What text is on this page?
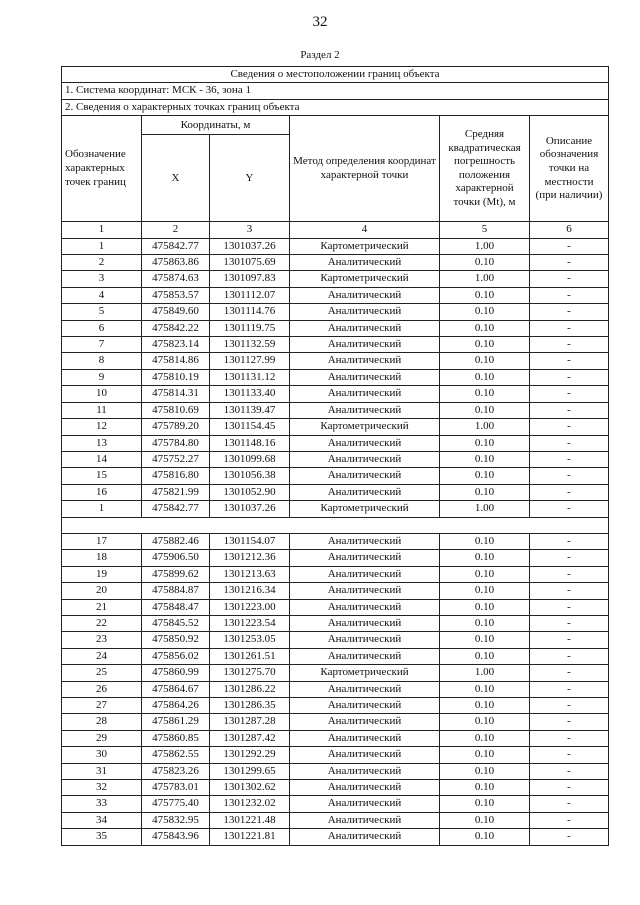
32
Раздел 2
Сведения о местоположении границ объекта					
1. Система координат: МСК - 36, зона 1					
2. Сведения о характерных точках границ объекта					
Обозначение характерных точек границ	Координаты, м		Метод определения координат характерной точки	Средняя квадратическая погрешность положения характерной точки (Mt), м	Описание обозначения точки на местности (при наличии)
	X	Y			
1	2	3	4	5	6
1	475842.77	1301037.26	Картометрический	1.00	-
2	475863.86	1301075.69	Аналитический	0.10	-
3	475874.63	1301097.83	Картометрический	1.00	-
4	475853.57	1301112.07	Аналитический	0.10	-
5	475849.60	1301114.76	Аналитический	0.10	-
6	475842.22	1301119.75	Аналитический	0.10	-
7	475823.14	1301132.59	Аналитический	0.10	-
8	475814.86	1301127.99	Аналитический	0.10	-
9	475810.19	1301131.12	Аналитический	0.10	-
10	475814.31	1301133.40	Аналитический	0.10	-
11	475810.69	1301139.47	Аналитический	0.10	-
12	475789.20	1301154.45	Картометрический	1.00	-
13	475784.80	1301148.16	Аналитический	0.10	-
14	475752.27	1301099.68	Аналитический	0.10	-
15	475816.80	1301056.38	Аналитический	0.10	-
16	475821.99	1301052.90	Аналитический	0.10	-
1	475842.77	1301037.26	Картометрический	1.00	-

17	475882.46	1301154.07	Аналитический	0.10	-
18	475906.50	1301212.36	Аналитический	0.10	-
19	475899.62	1301213.63	Аналитический	0.10	-
20	475884.87	1301216.34	Аналитический	0.10	-
21	475848.47	1301223.00	Аналитический	0.10	-
22	475845.52	1301223.54	Аналитический	0.10	-
23	475850.92	1301253.05	Аналитический	0.10	-
24	475856.02	1301261.51	Аналитический	0.10	-
25	475860.99	1301275.70	Картометрический	1.00	-
26	475864.67	1301286.22	Аналитический	0.10	-
27	475864.26	1301286.35	Аналитический	0.10	-
28	475861.29	1301287.28	Аналитический	0.10	-
29	475860.85	1301287.42	Аналитический	0.10	-
30	475862.55	1301292.29	Аналитический	0.10	-
31	475823.26	1301299.65	Аналитический	0.10	-
32	475783.01	1301302.62	Аналитический	0.10	-
33	475775.40	1301232.02	Аналитический	0.10	-
34	475832.95	1301221.48	Аналитический	0.10	-
35	475843.96	1301221.81	Аналитический	0.10	-
